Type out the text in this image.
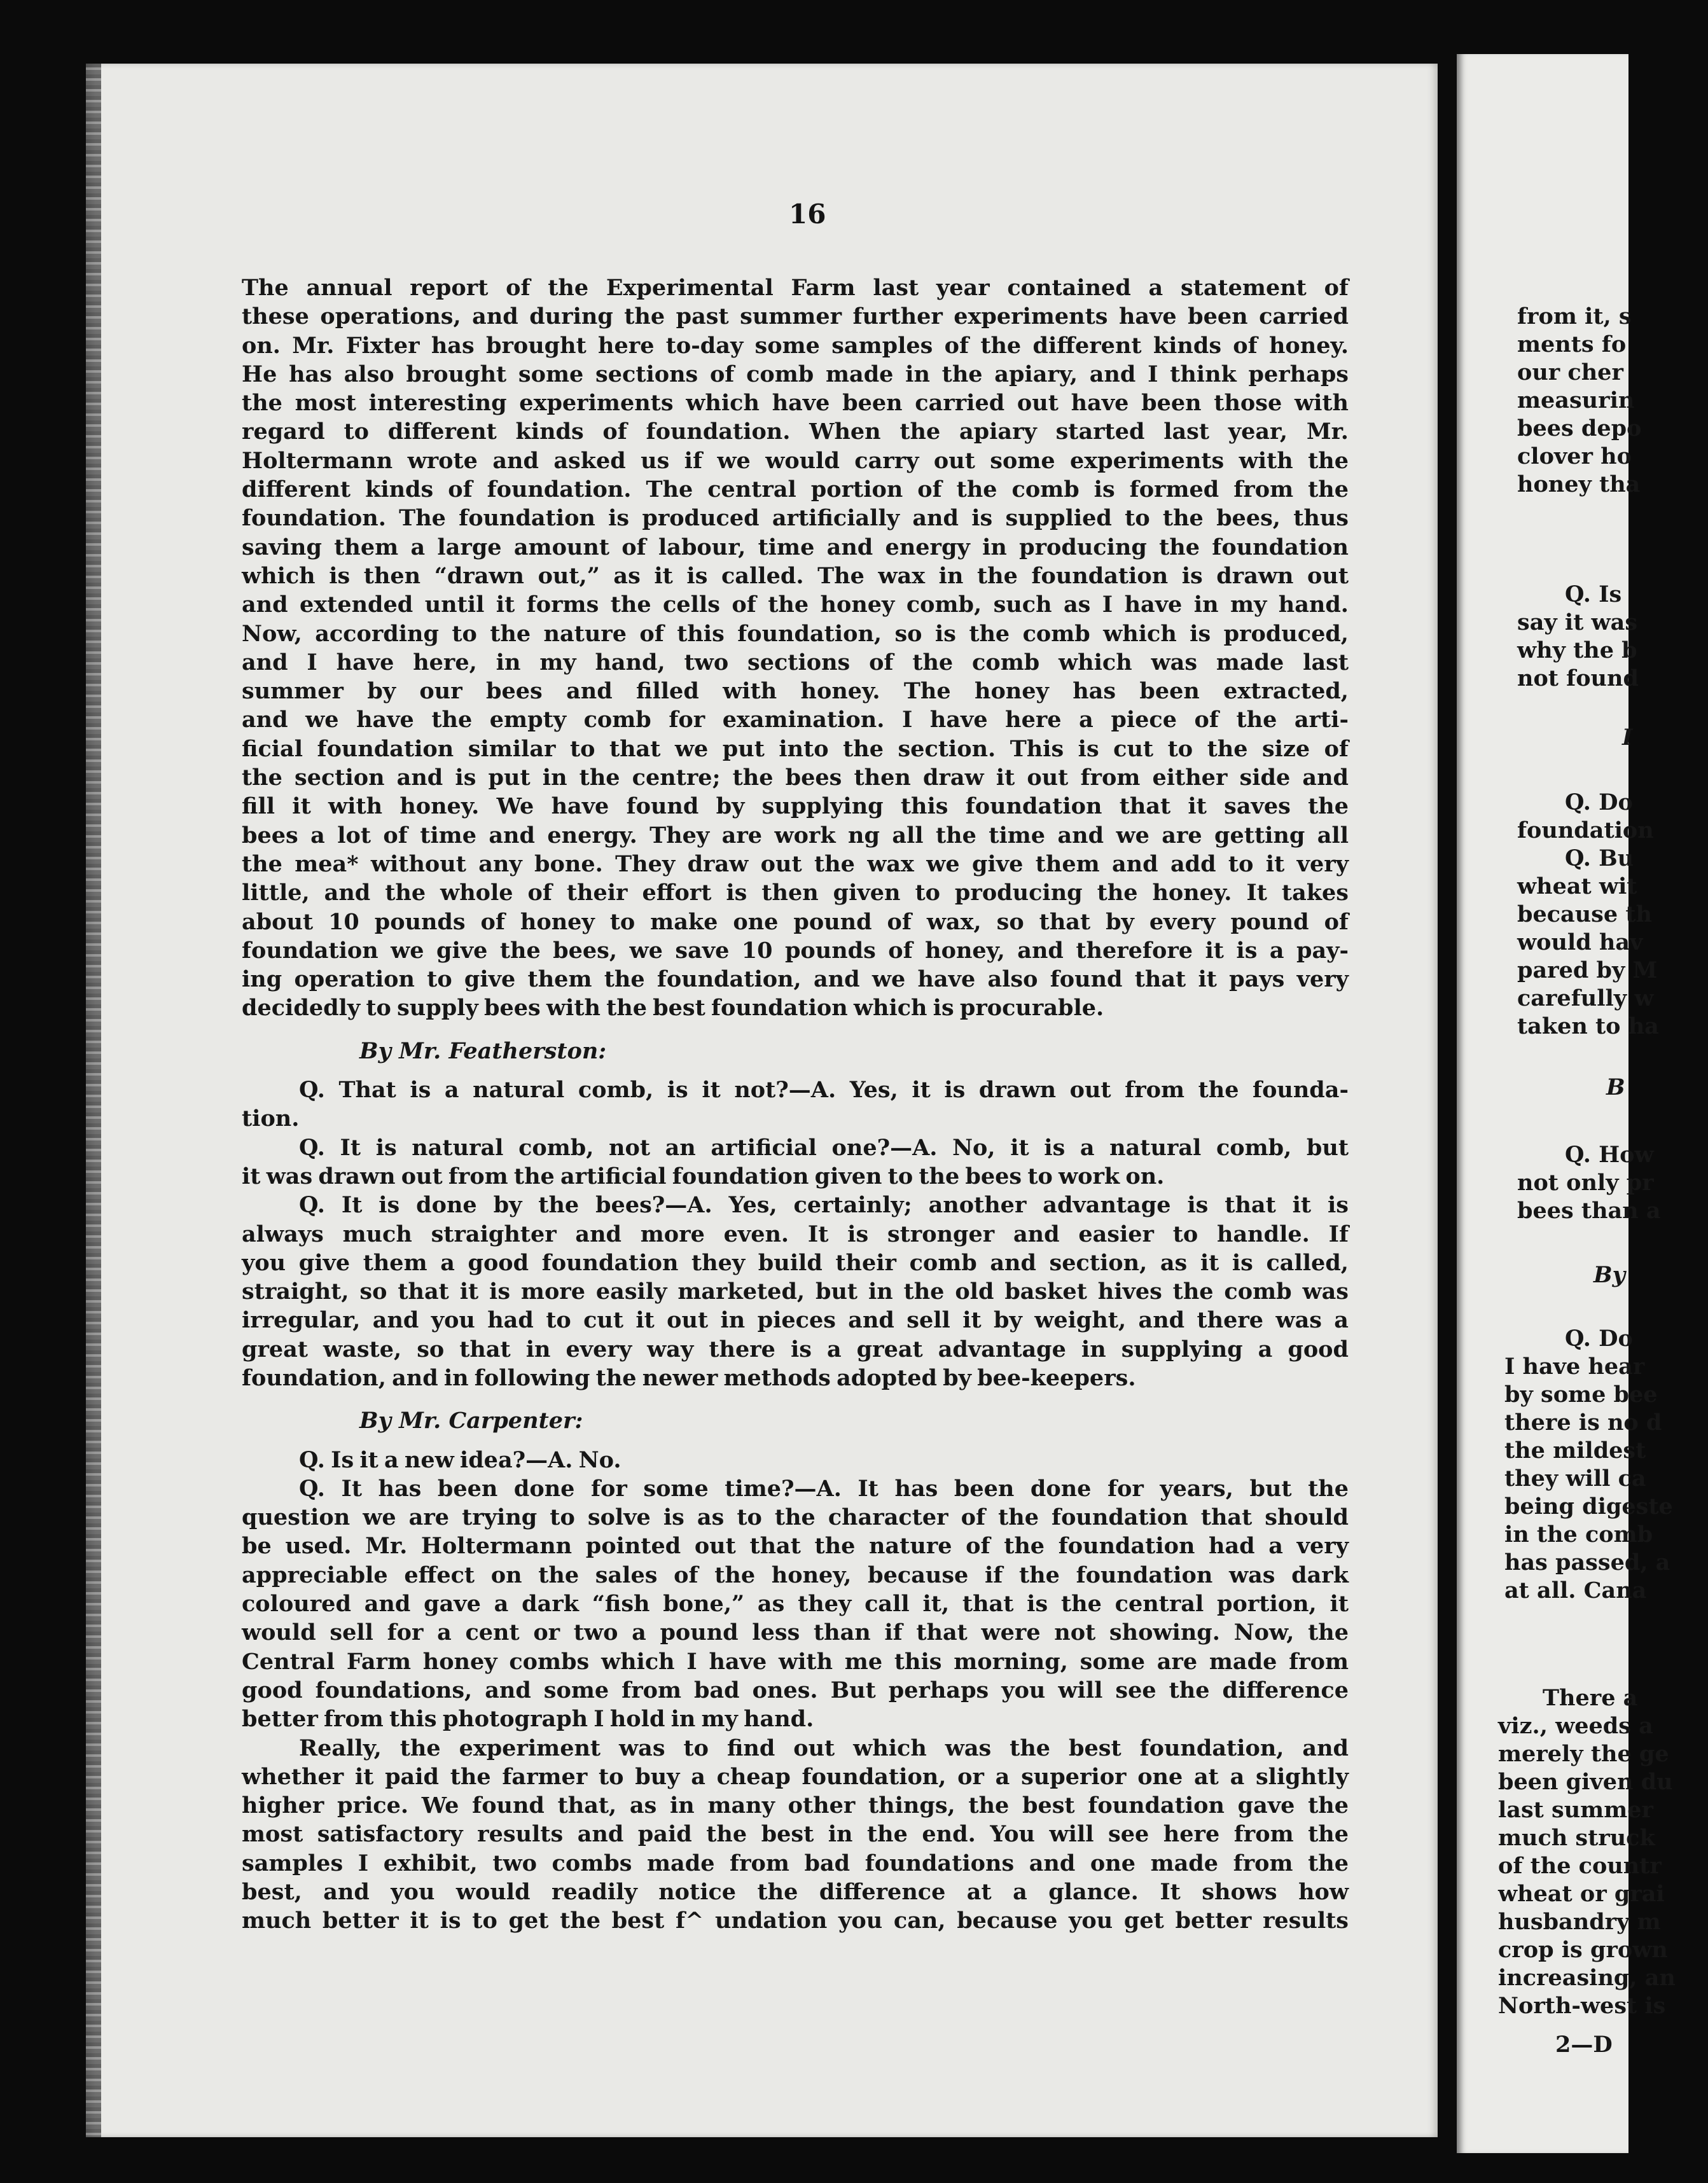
16
The annual report of the Experimental Farm last year contained a statement of
these operations, and during the past summer further experiments have been carried
on. Mr. Fixter has brought here to-day some samples of the different kinds of honey.
He has also brought some sections of comb made in the apiary, and I think perhaps
the most interesting experiments which have been carried out have been those with
regard to different kinds of foundation. When the apiary started last year, Mr.
Holtermann wrote and asked us if we would carry out some experiments with the
different kinds of foundation. The central portion of the comb is formed from the
foundation. The foundation is produced artificially and is supplied to the bees, thus
saving them a large amount of labour, time and energy in producing the foundation
which is then “drawn out,” as it is called. The wax in the foundation is drawn out
and extended until it forms the cells of the honey comb, such as I have in my hand.
Now, according to the nature of this foundation, so is the comb which is produced,
and I have here, in my hand, two sections of the comb which was made last
summer by our bees and filled with honey. The honey has been extracted,
and we have the empty comb for examination. I have here a piece of the arti-
ficial foundation similar to that we put into the section. This is cut to the size of
the section and is put in the centre; the bees then draw it out from either side and
fill it with honey. We have found by supplying this foundation that it saves the
bees a lot of time and energy. They are work ng all the time and we are getting all
the mea* without any bone. They draw out the wax we give them and add to it very
little, and the whole of their effort is then given to producing the honey. It takes
about 10 pounds of honey to make one pound of wax, so that by every pound of
foundation we give the bees, we save 10 pounds of honey, and therefore it is a pay-
ing operation to give them the foundation, and we have also found that it pays very
decidedly to supply bees with the best foundation which is procurable.
By Mr. Featherston:
Q. That is a natural comb, is it not?—A. Yes, it is drawn out from the founda-
tion.
Q. It is natural comb, not an artificial one?—A. No, it is a natural comb, but
it was drawn out from the artificial foundation given to the bees to work on.
Q. It is done by the bees?—A. Yes, certainly; another advantage is that it is
always much straighter and more even. It is stronger and easier to handle. If
you give them a good foundation they build their comb and section, as it is called,
straight, so that it is more easily marketed, but in the old basket hives the comb was
irregular, and you had to cut it out in pieces and sell it by weight, and there was a
great waste, so that in every way there is a great advantage in supplying a good
foundation, and in following the newer methods adopted by bee-keepers.
By Mr. Carpenter:
Q. Is it a new idea?—A. No.
Q. It has been done for some time?—A. It has been done for years, but the
question we are trying to solve is as to the character of the foundation that should
be used. Mr. Holtermann pointed out that the nature of the foundation had a very
appreciable effect on the sales of the honey, because if the foundation was dark
coloured and gave a dark “fish bone,” as they call it, that is the central portion, it
would sell for a cent or two a pound less than if that were not showing. Now, the
Central Farm honey combs which I have with me this morning, some are made from
good foundations, and some from bad ones. But perhaps you will see the difference
better from this photograph I hold in my hand.
Really, the experiment was to find out which was the best foundation, and
whether it paid the farmer to buy a cheap foundation, or a superior one at a slightly
higher price. We found that, as in many other things, the best foundation gave the
most satisfactory results and paid the best in the end. You will see here from the
samples I exhibit, two combs made from bad foundations and one made from the
best, and you would readily notice the difference at a glance. It shows how
much better it is to get the best f^ undation you can, because you get better results
from it, s
ments fo
our cher
measurin
bees depo
clover ho
honey tha
Q. Is
say it was
why the b
not found
I
Q. Do
foundation
Q. Bu
wheat wit
because th
would hav
pared by M
carefully w
taken to ha
B
Q. How
not only pr
bees than a
By
Q. Do
I have hear
by some bee
there is no d
the mildest
they will ca
being digeste
in the comb
has passed, a
at all. Cana
There a
viz., weeds a
merely the ge
been given du
last summer
much struck
of the countr
wheat or grai
husbandry m
crop is grown
increasing, an
North-west is
2—D
